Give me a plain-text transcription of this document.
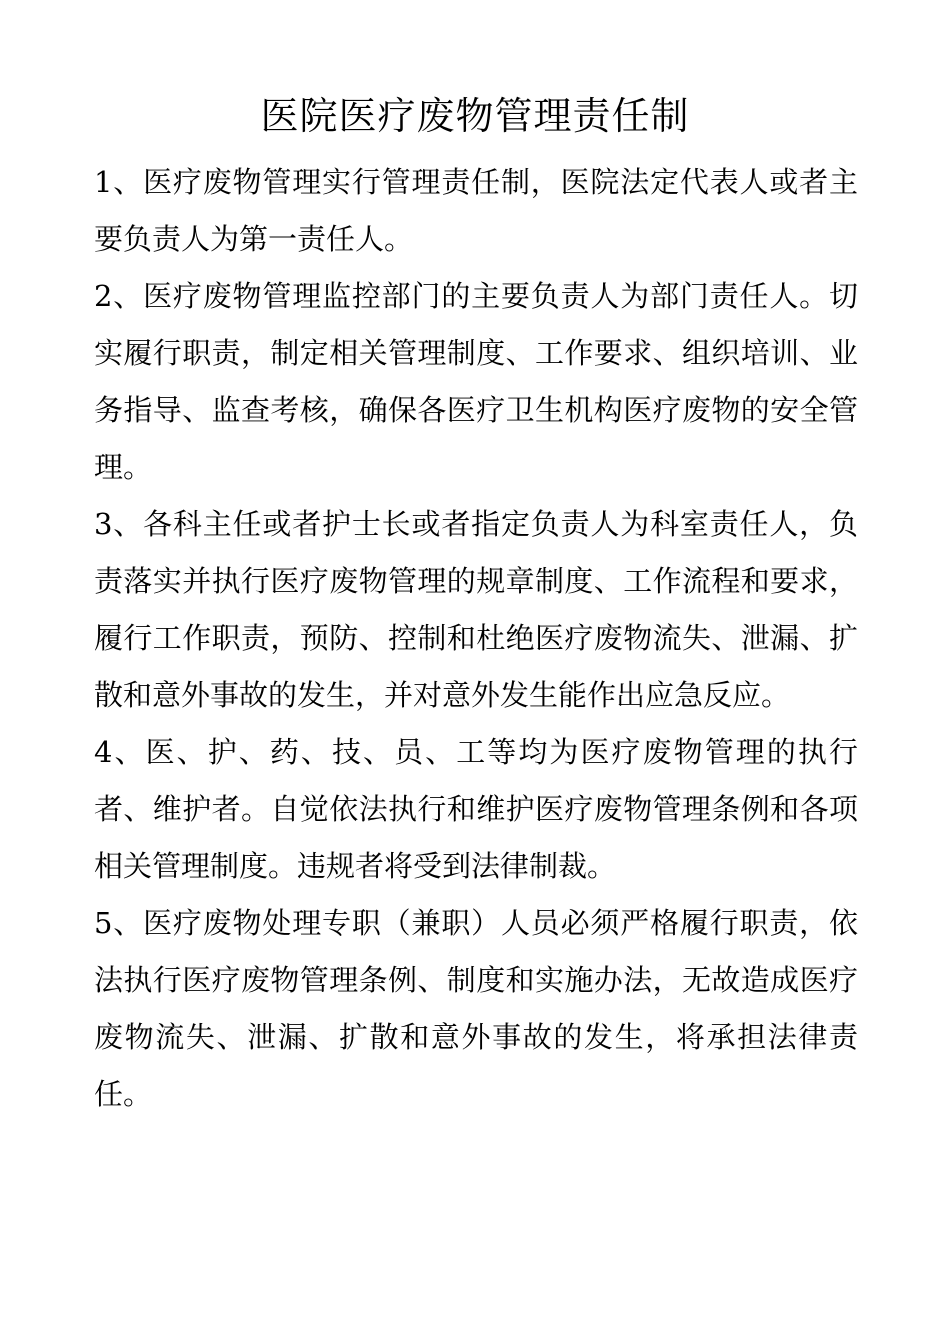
医院医疗废物管理责任制

1、医疗废物管理实行管理责任制，医院法定代表人或者主要负责人为第一责任人。

2、医疗废物管理监控部门的主要负责人为部门责任人。切实履行职责，制定相关管理制度、工作要求、组织培训、业务指导、监查考核，确保各医疗卫生机构医疗废物的安全管理。

3、各科主任或者护士长或者指定负责人为科室责任人，负责落实并执行医疗废物管理的规章制度、工作流程和要求，履行工作职责，预防、控制和杜绝医疗废物流失、泄漏、扩散和意外事故的发生，并对意外发生能作出应急反应。

4、医、护、药、技、员、工等均为医疗废物管理的执行者、维护者。自觉依法执行和维护医疗废物管理条例和各项相关管理制度。违规者将受到法律制裁。

5、医疗废物处理专职（兼职）人员必须严格履行职责，依法执行医疗废物管理条例、制度和实施办法，无故造成医疗废物流失、泄漏、扩散和意外事故的发生，将承担法律责任。
